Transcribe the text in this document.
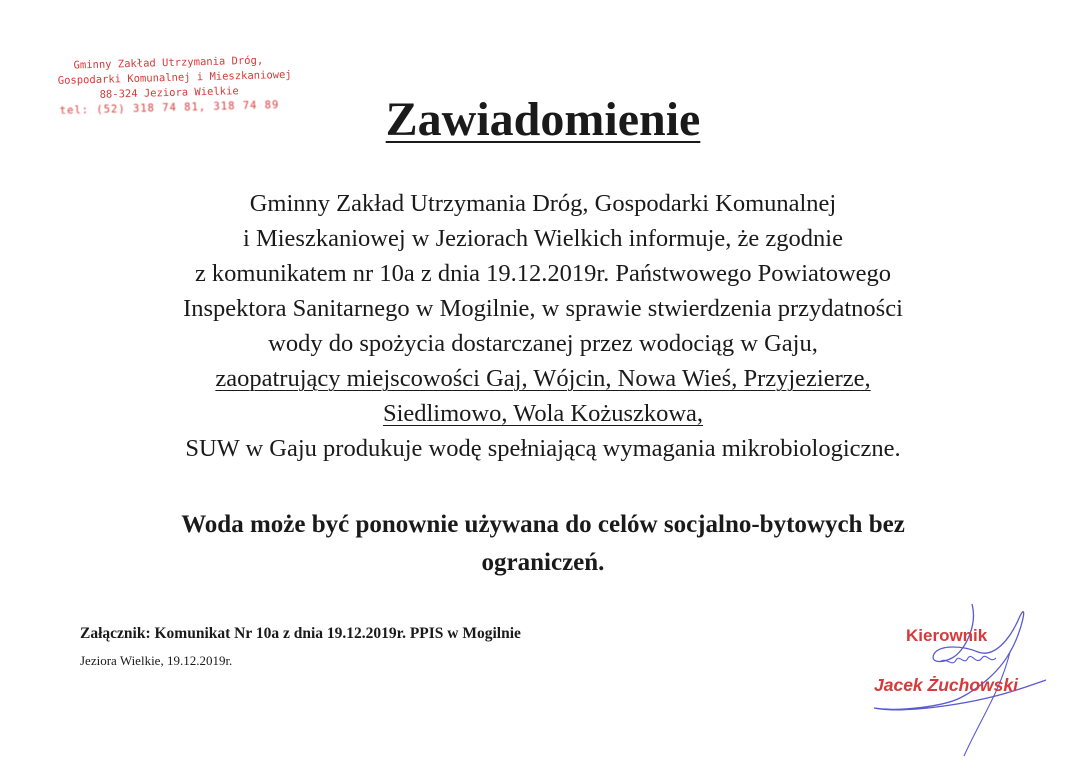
Gminny Zakład Utrzymania Dróg,
Gospodarki Komunalnej i Mieszkaniowej
88-324 Jeziora Wielkie
tel: (52) 318 74 81, 318 74 89	Zawiadomienie
Gminny Zakład Utrzymania Dróg, Gospodarki Komunalnej
i Mieszkaniowej w Jeziorach Wielkich informuje, że zgodnie
z komunikatem nr 10a z dnia 19.12.2019r. Państwowego Powiatowego
Inspektora Sanitarnego w Mogilnie, w sprawie stwierdzenia przydatności
wody do spożycia dostarczanej przez wodociąg w Gaju,
zaopatrujący miejscowości Gaj, Wójcin, Nowa Wieś, Przyjezierze,
Siedlimowo, Wola Kożuszkowa,
SUW w Gaju produkuje wodę spełniającą wymagania mikrobiologiczne.
Woda może być ponownie używana do celów socjalno-bytowych bez
ograniczeń.
Załącznik: Komunikat Nr 10a z dnia 19.12.2019r. PPIS w Mogilnie
Jeziora Wielkie, 19.12.2019r.
Kierownik
Jacek Żuchowski
